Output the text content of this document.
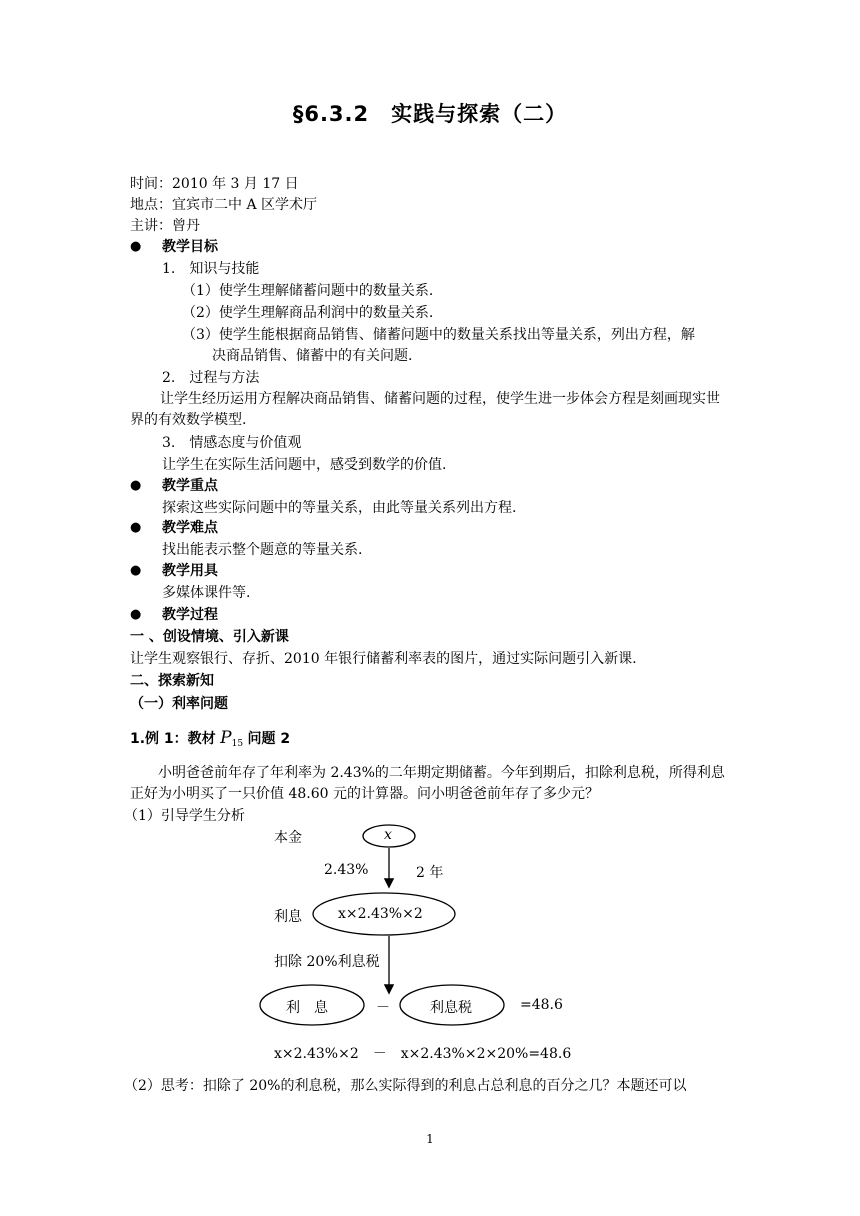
§6.3.2　实践与探索（二）
时间：2010 年 3 月 17 日
地点：宜宾市二中 A 区学术厅
主讲：曾丹
● 教学目标
1.　知识与技能
（1）使学生理解储蓄问题中的数量关系.
（2）使学生理解商品利润中的数量关系.
（3）使学生能根据商品销售、储蓄问题中的数量关系找出等量关系，列出方程，解
决商品销售、储蓄中的有关问题.
2.　过程与方法
让学生经历运用方程解决商品销售、储蓄问题的过程，使学生进一步体会方程是刻画现实世界的有效数学模型.
3.　情感态度与价值观
让学生在实际生活问题中，感受到数学的价值.
● 教学重点
探索这些实际问题中的等量关系，由此等量关系列出方程.
● 教学难点
找出能表示整个题意的等量关系.
● 教学用具
多媒体课件等.
● 教学过程
一 、创设情境、引入新课
让学生观察银行、存折、2010 年银行储蓄利率表的图片，通过实际问题引入新课.
二、探索新知
（一）利率问题
1.例 1：教材 $P_{15}$ 问题 2
小明爸爸前年存了年利率为 2.43%的二年期定期储蓄。今年到期后，扣除利息税，所得利息正好为小明买了一只价值 48.60 元的计算器。问小明爸爸前年存了多少元？
（1）引导学生分析
本金	x
2.43%	2 年
利息	x×2.43%×2
扣除 20%利息税
利　息	－	利息税	=48.6
x×2.43%×2　－　x×2.43%×2×20%=48.6
（2）思考：扣除了 20%的利息税，那么实际得到的利息占总利息的百分之几？本题还可以
1
